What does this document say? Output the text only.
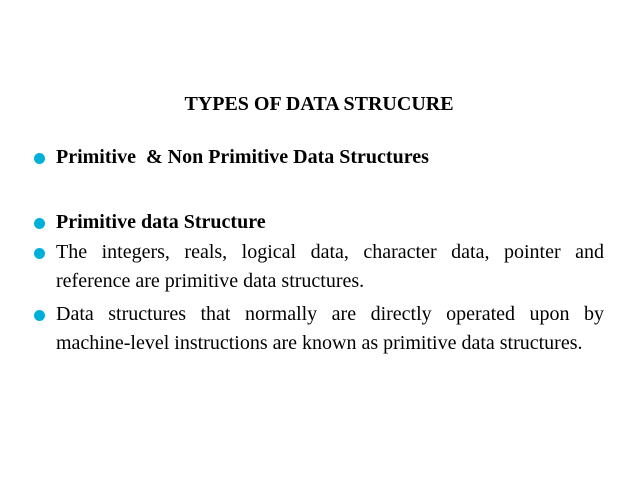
TYPES OF DATA STRUCURE
Primitive  & Non Primitive Data Structures
Primitive data Structure
The integers, reals, logical data, character data, pointer and reference are primitive data structures.
Data structures that normally are directly operated upon by machine-level instructions are known as primitive data structures.
